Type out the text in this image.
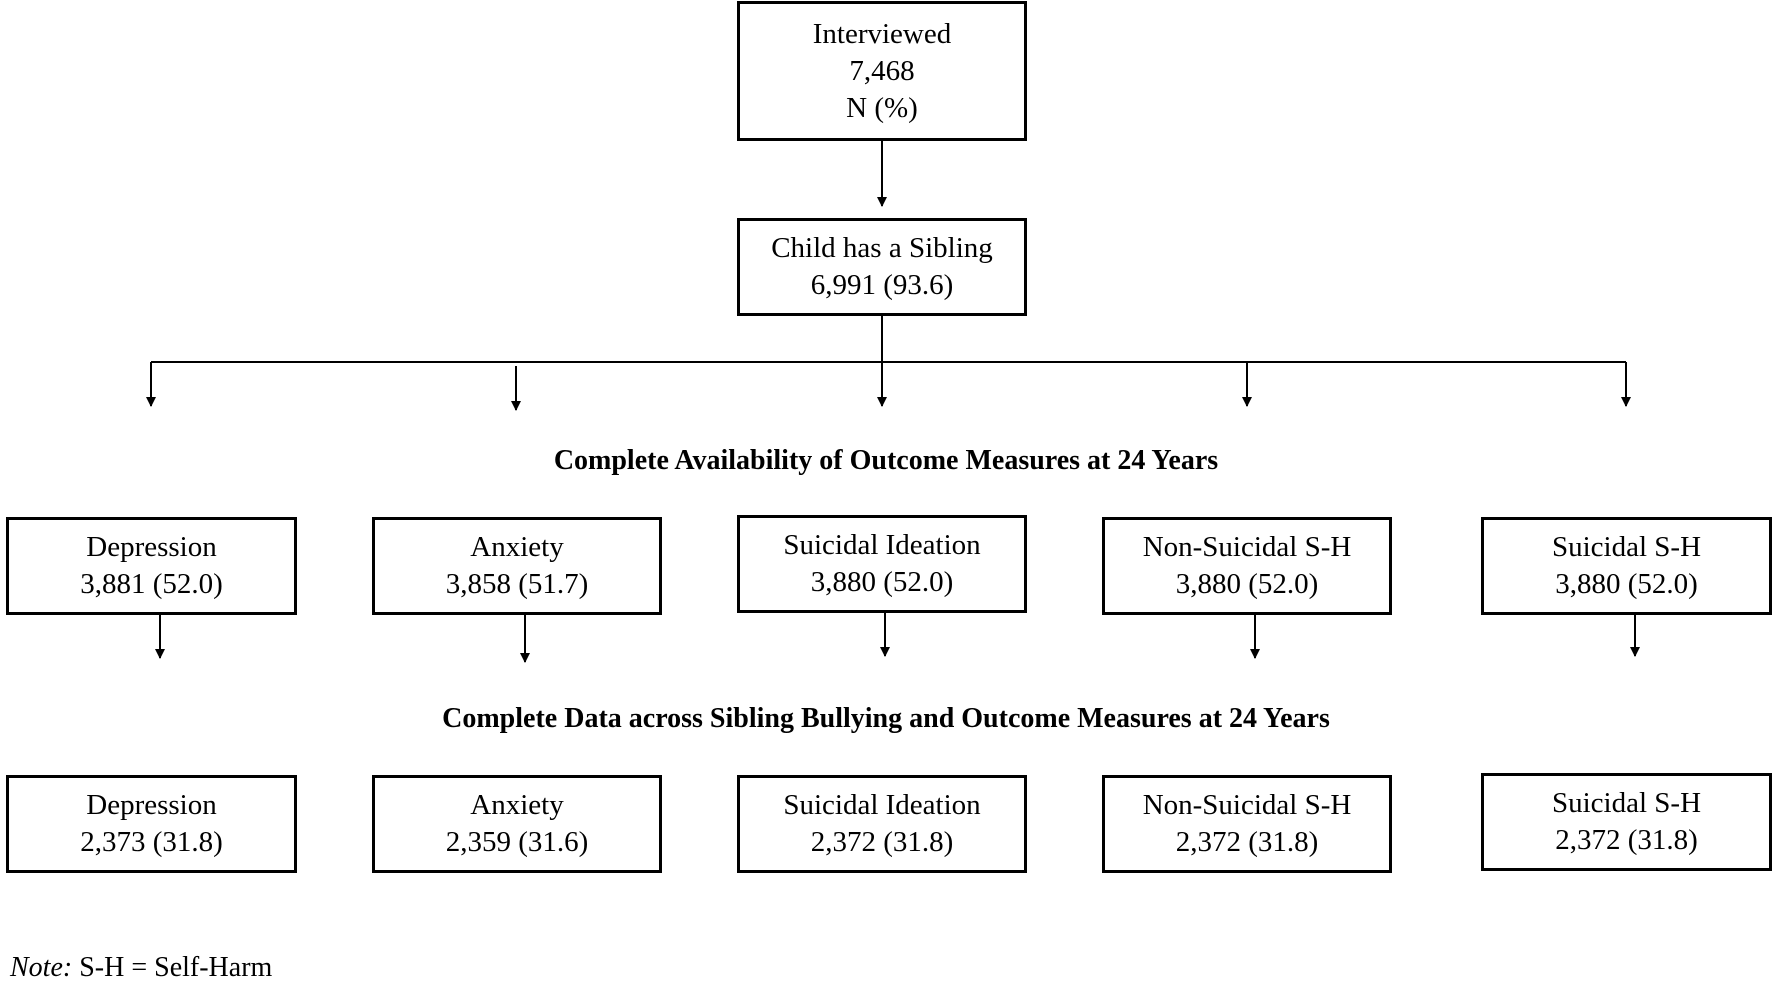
Interviewed
7,468
N (%)
Child has a Sibling
6,991 (93.6)
Complete Availability of Outcome Measures at 24 Years
Depression
3,881 (52.0)
Anxiety
3,858 (51.7)
Suicidal Ideation
3,880 (52.0)
Non-Suicidal S-H
3,880 (52.0)
Suicidal S-H
3,880 (52.0)
Complete Data across Sibling Bullying and Outcome Measures at 24 Years
Depression
2,373 (31.8)
Anxiety
2,359 (31.6)
Suicidal Ideation
2,372 (31.8)
Non-Suicidal S-H
2,372 (31.8)
Suicidal S-H
2,372 (31.8)
Note: S-H = Self-Harm
